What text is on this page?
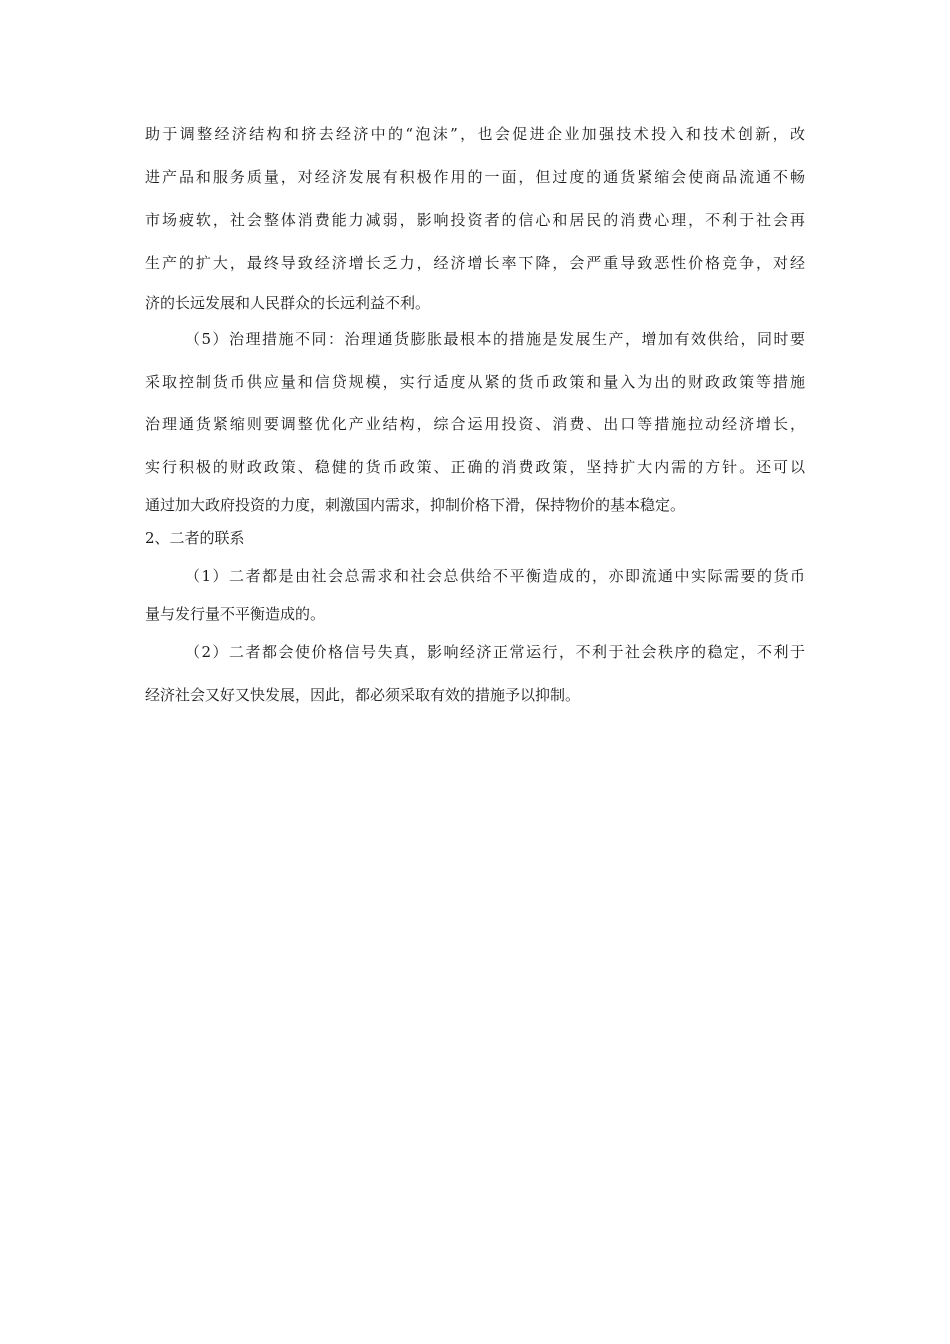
助于调整经济结构和挤去经济中的“泡沫”，也会促进企业加强技术投入和技术创新，改
进产品和服务质量，对经济发展有积极作用的一面，但过度的通货紧缩会使商品流通不畅
市场疲软，社会整体消费能力减弱，影响投资者的信心和居民的消费心理，不利于社会再
生产的扩大，最终导致经济增长乏力，经济增长率下降，会严重导致恶性价格竞争，对经
济的长远发展和人民群众的长远利益不利。
（5）治理措施不同：治理通货膨胀最根本的措施是发展生产，增加有效供给，同时要
采取控制货币供应量和信贷规模，实行适度从紧的货币政策和量入为出的财政政策等措施
治理通货紧缩则要调整优化产业结构，综合运用投资、消费、出口等措施拉动经济增长，
实行积极的财政政策、稳健的货币政策、正确的消费政策，坚持扩大内需的方针。还可以
通过加大政府投资的力度，刺激国内需求，抑制价格下滑，保持物价的基本稳定。
2、二者的联系
（1）二者都是由社会总需求和社会总供给不平衡造成的，亦即流通中实际需要的货币
量与发行量不平衡造成的。
（2）二者都会使价格信号失真，影响经济正常运行，不利于社会秩序的稳定，不利于
经济社会又好又快发展，因此，都必须采取有效的措施予以抑制。
